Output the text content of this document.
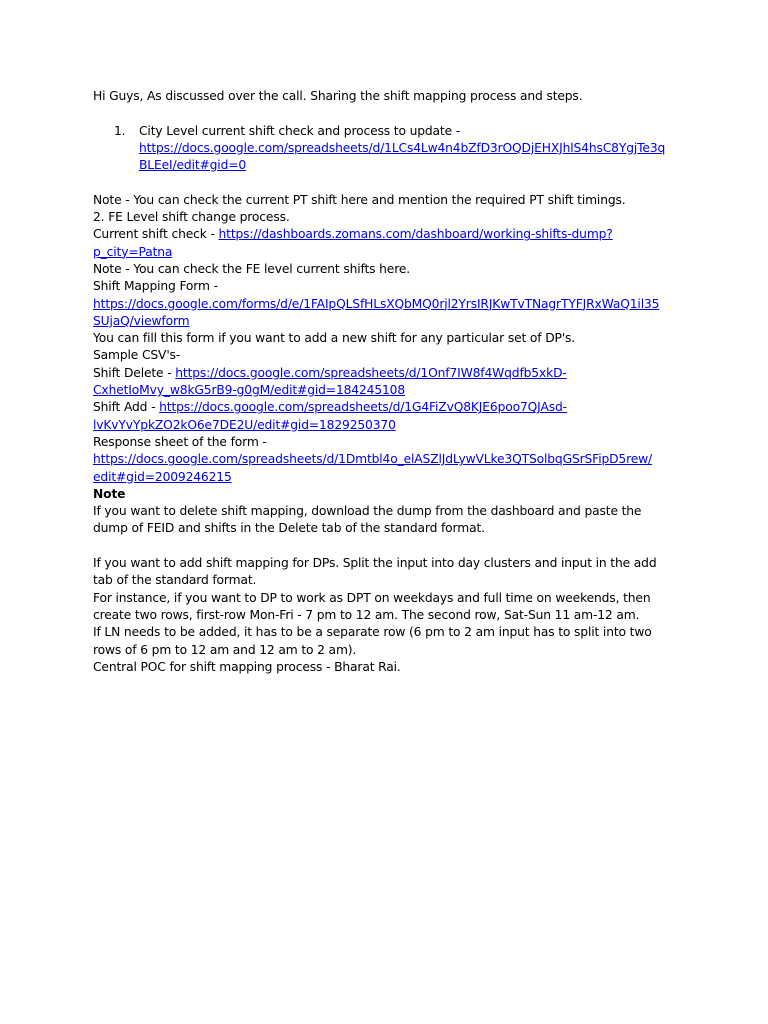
Hi Guys, As discussed over the call. Sharing the shift mapping process and steps.
1. City Level current shift check and process to update -
https://docs.google.com/spreadsheets/d/1LCs4Lw4n4bZfD3rOQDjEHXJhlS4hsC8YgjTe3q
BLEeI/edit#gid=0
Note - You can check the current PT shift here and mention the required PT shift timings.
2. FE Level shift change process.
Current shift check - https://dashboards.zomans.com/dashboard/working-shifts-dump?
p_city=Patna
Note - You can check the FE level current shifts here.
Shift Mapping Form -
https://docs.google.com/forms/d/e/1FAIpQLSfHLsXQbMQ0rjl2YrsIRJKwTvTNagrTYFJRxWaQ1il35
SUjaQ/viewform
You can fill this form if you want to add a new shift for any particular set of DP's.
Sample CSV's-
Shift Delete - https://docs.google.com/spreadsheets/d/1Onf7IW8f4Wqdfb5xkD-
CxhetIoMvy_w8kG5rB9-g0gM/edit#gid=184245108
Shift Add - https://docs.google.com/spreadsheets/d/1G4FiZvQ8KJE6poo7QJAsd-
lvKvYvYpkZO2kO6e7DE2U/edit#gid=1829250370
Response sheet of the form -
https://docs.google.com/spreadsheets/d/1Dmtbl4o_elASZlJdLywVLke3QTSolbqGSrSFipD5rew/
edit#gid=2009246215
Note
If you want to delete shift mapping, download the dump from the dashboard and paste the
dump of FEID and shifts in the Delete tab of the standard format.
If you want to add shift mapping for DPs. Split the input into day clusters and input in the add
tab of the standard format.
For instance, if you want to DP to work as DPT on weekdays and full time on weekends, then
create two rows, first-row Mon-Fri - 7 pm to 12 am. The second row, Sat-Sun 11 am-12 am.
If LN needs to be added, it has to be a separate row (6 pm to 2 am input has to split into two
rows of 6 pm to 12 am and 12 am to 2 am).
Central POC for shift mapping process - Bharat Rai.
